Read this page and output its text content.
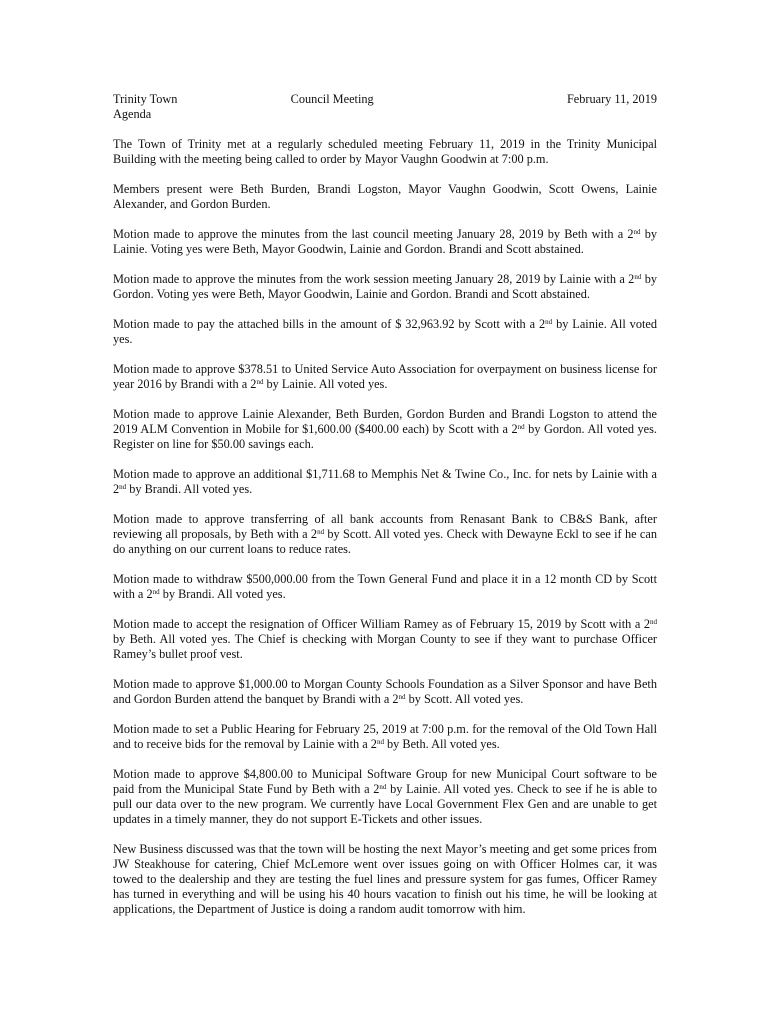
Trinity Town	Council Meeting	February 11, 2019
Agenda

The Town of Trinity met at a regularly scheduled meeting February 11, 2019 in the Trinity Municipal Building with the meeting being called to order by Mayor Vaughn Goodwin at 7:00 p.m.

Members present were Beth Burden, Brandi Logston, Mayor Vaughn Goodwin, Scott Owens, Lainie Alexander, and Gordon Burden.

Motion made to approve the minutes from the last council meeting January 28, 2019 by Beth with a 2nd by Lainie. Voting yes were Beth, Mayor Goodwin, Lainie and Gordon. Brandi and Scott abstained.

Motion made to approve the minutes from the work session meeting January 28, 2019 by Lainie with a 2nd by Gordon. Voting yes were Beth, Mayor Goodwin, Lainie and Gordon. Brandi and Scott abstained.

Motion made to pay the attached bills in the amount of $ 32,963.92 by Scott with a 2nd by Lainie. All voted yes.

Motion made to approve $378.51 to United Service Auto Association for overpayment on business license for year 2016 by Brandi with a 2nd by Lainie. All voted yes.

Motion made to approve Lainie Alexander, Beth Burden, Gordon Burden and Brandi Logston to attend the 2019 ALM Convention in Mobile for $1,600.00 ($400.00 each) by Scott with a 2nd by Gordon. All voted yes. Register on line for $50.00 savings each.

Motion made to approve an additional $1,711.68 to Memphis Net & Twine Co., Inc. for nets by Lainie with a 2nd by Brandi. All voted yes.

Motion made to approve transferring of all bank accounts from Renasant Bank to CB&S Bank, after reviewing all proposals, by Beth with a 2nd by Scott. All voted yes. Check with Dewayne Eckl to see if he can do anything on our current loans to reduce rates.

Motion made to withdraw $500,000.00 from the Town General Fund and place it in a 12 month CD by Scott with a 2nd by Brandi. All voted yes.

Motion made to accept the resignation of Officer William Ramey as of February 15, 2019 by Scott with a 2nd by Beth. All voted yes. The Chief is checking with Morgan County to see if they want to purchase Officer Ramey’s bullet proof vest.

Motion made to approve $1,000.00 to Morgan County Schools Foundation as a Silver Sponsor and have Beth and Gordon Burden attend the banquet by Brandi with a 2nd by Scott. All voted yes.

Motion made to set a Public Hearing for February 25, 2019 at 7:00 p.m. for the removal of the Old Town Hall and to receive bids for the removal by Lainie with a 2nd by Beth. All voted yes.

Motion made to approve $4,800.00 to Municipal Software Group for new Municipal Court software to be paid from the Municipal State Fund by Beth with a 2nd by Lainie. All voted yes. Check to see if he is able to pull our data over to the new program. We currently have Local Government Flex Gen and are unable to get updates in a timely manner, they do not support E-Tickets and other issues.

New Business discussed was that the town will be hosting the next Mayor’s meeting and get some prices from JW Steakhouse for catering, Chief McLemore went over issues going on with Officer Holmes car, it was towed to the dealership and they are testing the fuel lines and pressure system for gas fumes, Officer Ramey has turned in everything and will be using his 40 hours vacation to finish out his time, he will be looking at applications, the Department of Justice is doing a random audit tomorrow with him.
